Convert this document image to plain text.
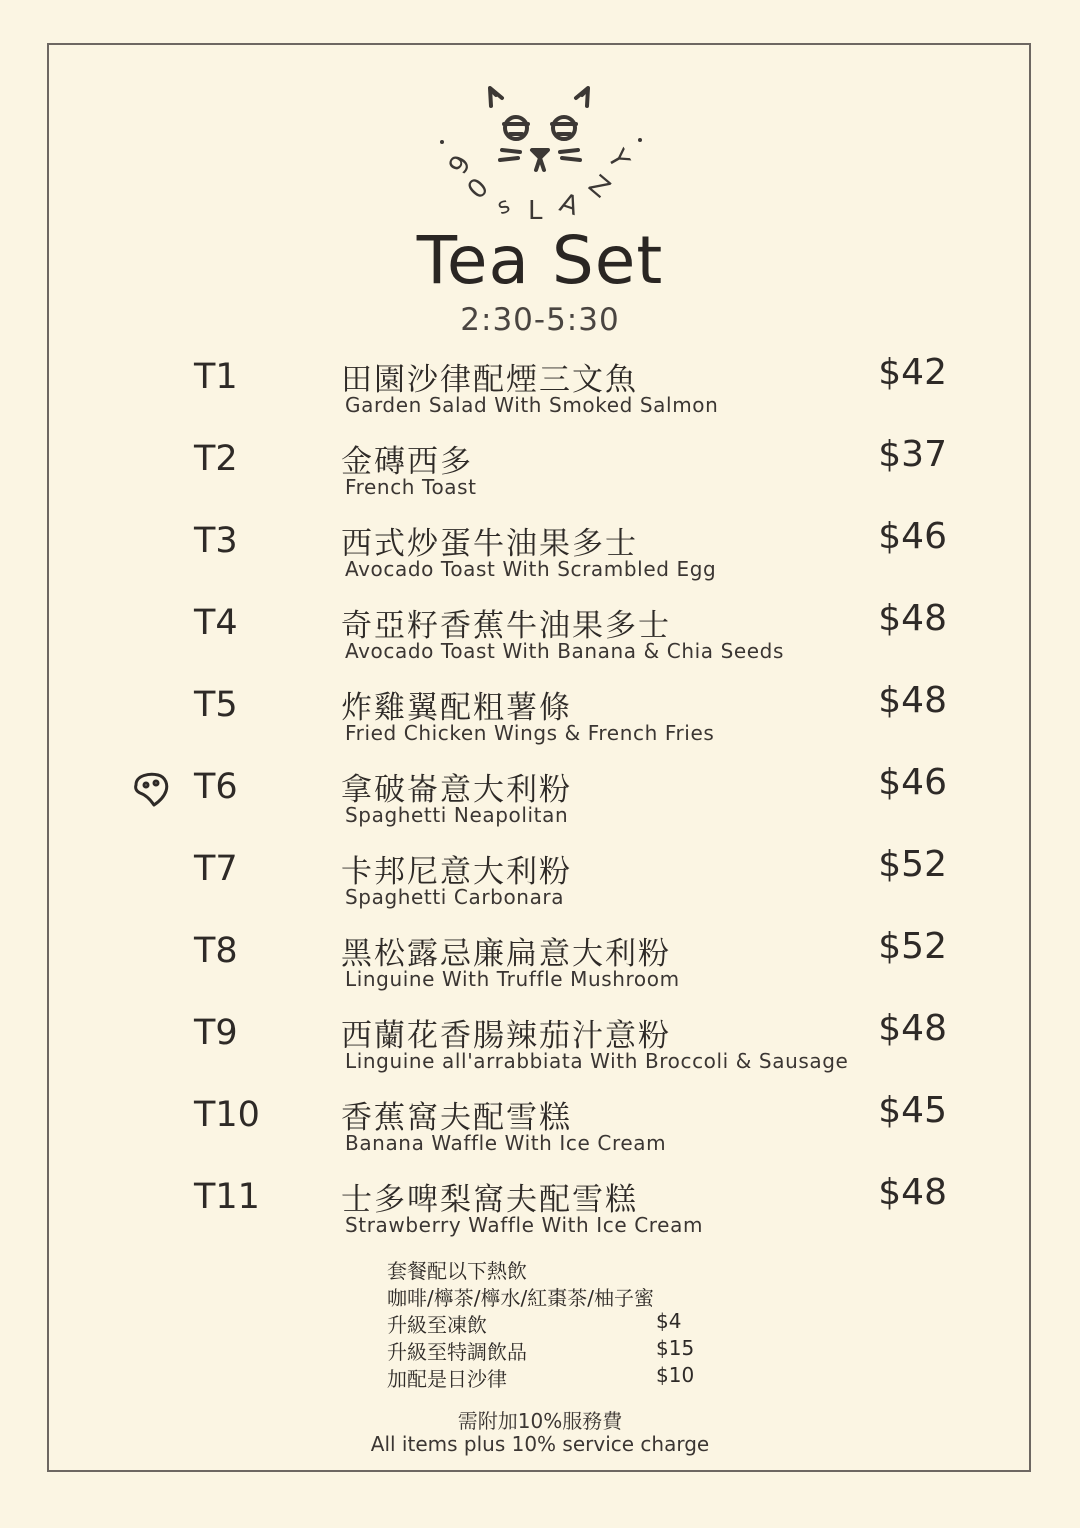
9
0
s L A
Z
Y
Tea Set
2:30-5:30
T1	田園沙律配煙三文魚
Garden Salad With Smoked Salmon
$42
T2	金磚西多
French Toast
$37
T3	西式炒蛋牛油果多士
Avocado Toast With Scrambled Egg
$46
T4	奇亞籽香蕉牛油果多士
Avocado Toast With Banana & Chia Seeds
$48
T5	炸雞翼配粗薯條
Fried Chicken Wings & French Fries
$48
T6	拿破崙意大利粉
Spaghetti Neapolitan
$46
T7	卡邦尼意大利粉
Spaghetti Carbonara
$52
T8	黑松露忌廉扁意大利粉
Linguine With Truffle Mushroom
$52
T9	西蘭花香腸辣茄汁意粉
Linguine all'arrabbiata With Broccoli & Sausage
$48
T10	香蕉窩夫配雪糕
Banana Waffle With Ice Cream
$45
T11	士多啤梨窩夫配雪糕
Strawberry Waffle With Ice Cream
$48
套餐配以下熱飲
咖啡/檸茶/檸水/紅棗茶/柚子蜜
升級至凍飲	$4
升級至特調飲品	$15
加配是日沙律	$10
需附加10%服務費
All items plus 10% service charge
